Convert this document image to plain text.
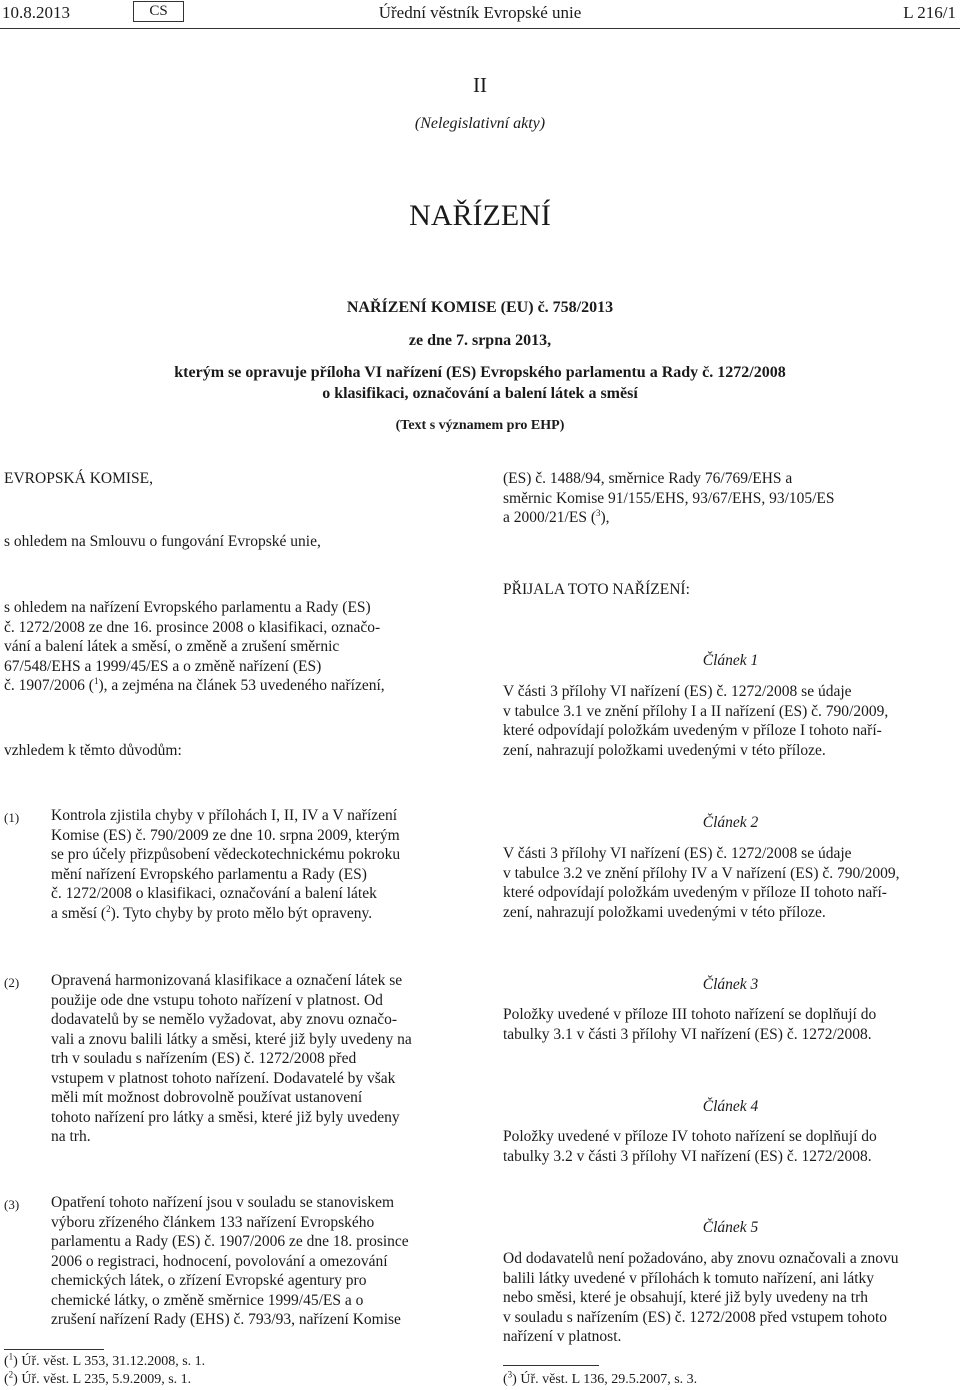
10.8.2013	CS	Úřední věstník Evropské unie	L 216/1
II
(Nelegislativní akty)
NAŘÍZENÍ
NAŘÍZENÍ KOMISE (EU) č. 758/2013
ze dne 7. srpna 2013,
kterým se opravuje příloha VI nařízení (ES) Evropského parlamentu a Rady č. 1272/2008
o klasifikaci, označování a balení látek a směsí
(Text s významem pro EHP)
EVROPSKÁ KOMISE,
s ohledem na Smlouvu o fungování Evropské unie,

s ohledem na nařízení Evropského parlamentu a Rady (ES)

č. 1272/2008 ze dne 16. prosince 2008 o klasifikaci, označo-

vání a balení látek a směsí, o změně a zrušení směrnic

67/548/EHS a 1999/45/ES a o změně nařízení (ES)

č. 1907/2006 ($^1$), a zejména na článek 53 uvedeného nařízení,

vzhledem k těmto důvodům:
(1)	Kontrola zjistila chyby v přílohách I, II, IV a V nařízení

Komise (ES) č. 790/2009 ze dne 10. srpna 2009, kterým

se pro účely přizpůsobení vědeckotechnickému pokroku

mění nařízení Evropského parlamentu a Rady (ES)

č. 1272/2008 o klasifikaci, označování a balení látek

a směsí ($^2$). Tyto chyby by proto mělo být opraveny.

(2)	Opravená harmonizovaná klasifikace a označení látek se

použije ode dne vstupu tohoto nařízení v platnost. Od

dodavatelů by se nemělo vyžadovat, aby znovu označo-

vali a znovu balili látky a směsi, které již byly uvedeny na

trh v souladu s nařízením (ES) č. 1272/2008 před

vstupem v platnost tohoto nařízení. Dodavatelé by však

měli mít možnost dobrovolně používat ustanovení

tohoto nařízení pro látky a směsi, které již byly uvedeny

na trh.

(3)	Opatření tohoto nařízení jsou v souladu se stanoviskem

výboru zřízeného článkem 133 nařízení Evropského

parlamentu a Rady (ES) č. 1907/2006 ze dne 18. prosince

2006 o registraci, hodnocení, povolování a omezování

chemických látek, o zřízení Evropské agentury pro

chemické látky, o změně směrnice 1999/45/ES a o

zrušení nařízení Rady (EHS) č. 793/93, nařízení Komise

($^1$) Úř. věst. L 353, 31.12.2008, s. 1.
($^2$) Úř. věst. L 235, 5.9.2009, s. 1.

(ES) č. 1488/94, směrnice Rady 76/769/EHS a

směrnic Komise 91/155/EHS, 93/67/EHS, 93/105/ES

a 2000/21/ES ($^3$),

PŘIJALA TOTO NAŘÍZENÍ:
Článek 1

V části 3 přílohy VI nařízení (ES) č. 1272/2008 se údaje

v tabulce 3.1 ve znění přílohy I a II nařízení (ES) č. 790/2009,

které odpovídají položkám uvedeným v příloze I tohoto naří-

zení, nahrazují položkami uvedenými v této příloze.

Článek 2

V části 3 přílohy VI nařízení (ES) č. 1272/2008 se údaje

v tabulce 3.2 ve znění přílohy IV a V nařízení (ES) č. 790/2009,

které odpovídají položkám uvedeným v příloze II tohoto naří-

zení, nahrazují položkami uvedenými v této příloze.

Článek 3

Položky uvedené v příloze III tohoto nařízení se doplňují do

tabulky 3.1 v části 3 přílohy VI nařízení (ES) č. 1272/2008.

Článek 4

Položky uvedené v příloze IV tohoto nařízení se doplňují do

tabulky 3.2 v části 3 přílohy VI nařízení (ES) č. 1272/2008.

Článek 5

Od dodavatelů není požadováno, aby znovu označovali a znovu

balili látky uvedené v přílohách k tomuto nařízení, ani látky

nebo směsi, které je obsahují, které již byly uvedeny na trh

v souladu s nařízením (ES) č. 1272/2008 před vstupem tohoto

nařízení v platnost.

($^3$) Úř. věst. L 136, 29.5.2007, s. 3.
